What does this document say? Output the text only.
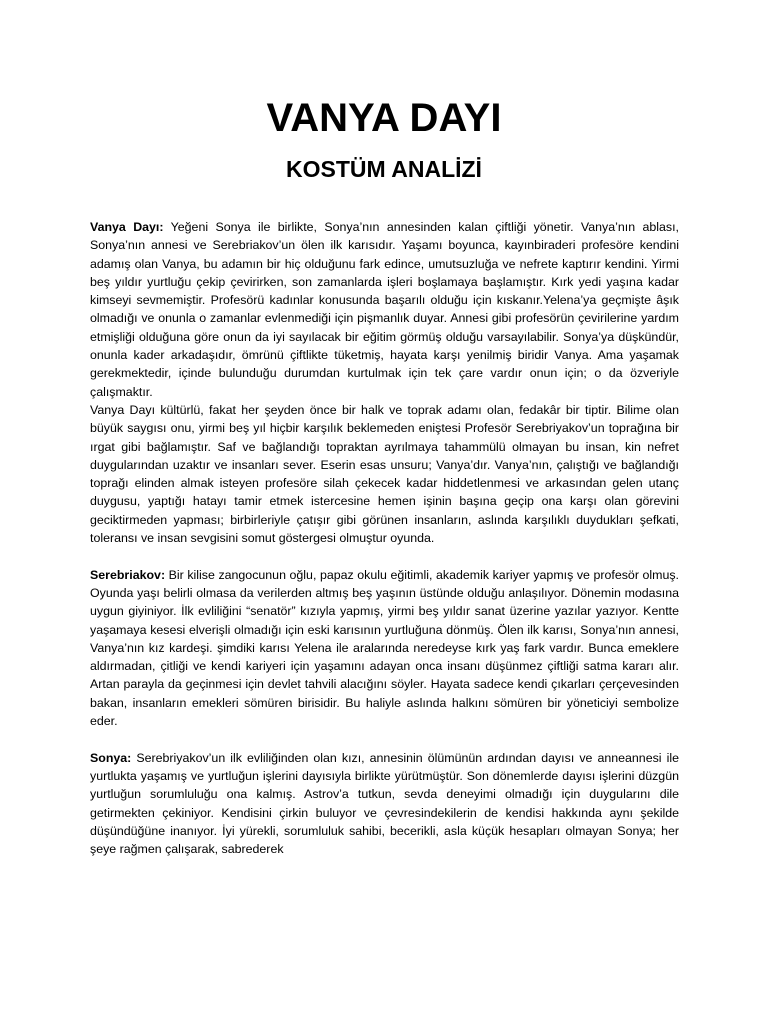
VANYA DAYI
KOSTÜM ANALİZİ

Vanya Dayı: Yeğeni Sonya ile birlikte, Sonya’nın annesinden kalan çiftliği yönetir. Vanya’nın ablası, Sonya’nın annesi ve Serebriakov’un ölen ilk karısıdır. Yaşamı boyunca, kayınbiraderi profesöre kendini adamış olan Vanya, bu adamın bir hiç olduğunu fark edince, umutsuzluğa ve nefrete kaptırır kendini. Yirmi beş yıldır yurtluğu çekip çevirirken, son zamanlarda işleri boşlamaya başlamıştır. Kırk yedi yaşına kadar kimseyi sevmemiştir. Profesörü kadınlar konusunda başarılı olduğu için kıskanır.Yelena’ya geçmişte âşık olmadığı ve onunla o zamanlar evlenmediği için pişmanlık duyar. Annesi gibi profesörün çevirilerine yardım etmişliği olduğuna göre onun da iyi sayılacak bir eğitim görmüş olduğu varsayılabilir. Sonya’ya düşkündür, onunla kader arkadaşıdır, ömrünü çiftlikte tüketmiş, hayata karşı yenilmiş biridir Vanya. Ama yaşamak gerekmektedir, içinde bulunduğu durumdan kurtulmak için tek çare vardır onun için; o da özveriyle çalışmaktır.

Vanya Dayı kültürlü, fakat her şeyden önce bir halk ve toprak adamı olan, fedakâr bir tiptir. Bilime olan büyük saygısı onu, yirmi beş yıl hiçbir karşılık beklemeden eniştesi Profesör Serebriyakov’un toprağına bir ırgat gibi bağlamıştır. Saf ve bağlandığı topraktan ayrılmaya tahammülü olmayan bu insan, kin nefret duygularından uzaktır ve insanları sever. Eserin esas unsuru; Vanya’dır. Vanya’nın, çalıştığı ve bağlandığı toprağı elinden almak isteyen profesöre silah çekecek kadar hiddetlenmesi ve arkasından gelen utanç duygusu, yaptığı hatayı tamir etmek istercesine hemen işinin başına geçip ona karşı olan görevini geciktirmeden yapması; birbirleriyle çatışır gibi görünen insanların, aslında karşılıklı duydukları şefkati, toleransı ve insan sevgisini somut göstergesi olmuştur oyunda.

Serebriakov: Bir kilise zangocunun oğlu, papaz okulu eğitimli, akademik kariyer yapmış ve profesör olmuş. Oyunda yaşı belirli olmasa da verilerden altmış beş yaşının üstünde olduğu anlaşılıyor. Dönemin modasına uygun giyiniyor. İlk evliliğini “senatör” kızıyla yapmış, yirmi beş yıldır sanat üzerine yazılar yazıyor. Kentte yaşamaya kesesi elverişli olmadığı için eski karısının yurtluğuna dönmüş. Ölen ilk karısı, Sonya’nın annesi, Vanya’nın kız kardeşi. şimdiki karısı Yelena ile aralarında neredeyse kırk yaş fark vardır. Bunca emeklere aldırmadan, çitliği ve kendi kariyeri için yaşamını adayan onca insanı düşünmez çiftliği satma kararı alır. Artan parayla da geçinmesi için devlet tahvili alacığını söyler. Hayata sadece kendi çıkarları çerçevesinden bakan, insanların emekleri sömüren birisidir. Bu haliyle aslında halkını sömüren bir yöneticiyi sembolize eder.

Sonya: Serebriyakov’un ilk evliliğinden olan kızı, annesinin ölümünün ardından dayısı ve anneannesi ile yurtlukta yaşamış ve yurtluğun işlerini dayısıyla birlikte yürütmüştür. Son dönemlerde dayısı işlerini düzgün yurtluğun sorumluluğu ona kalmış. Astrov’a tutkun, sevda deneyimi olmadığı için duygularını dile getirmekten çekiniyor. Kendisini çirkin buluyor ve çevresindekilerin de kendisi hakkında aynı şekilde düşündüğüne inanıyor. İyi yürekli, sorumluluk sahibi, becerikli, asla küçük hesapları olmayan Sonya; her şeye rağmen çalışarak, sabrederek
